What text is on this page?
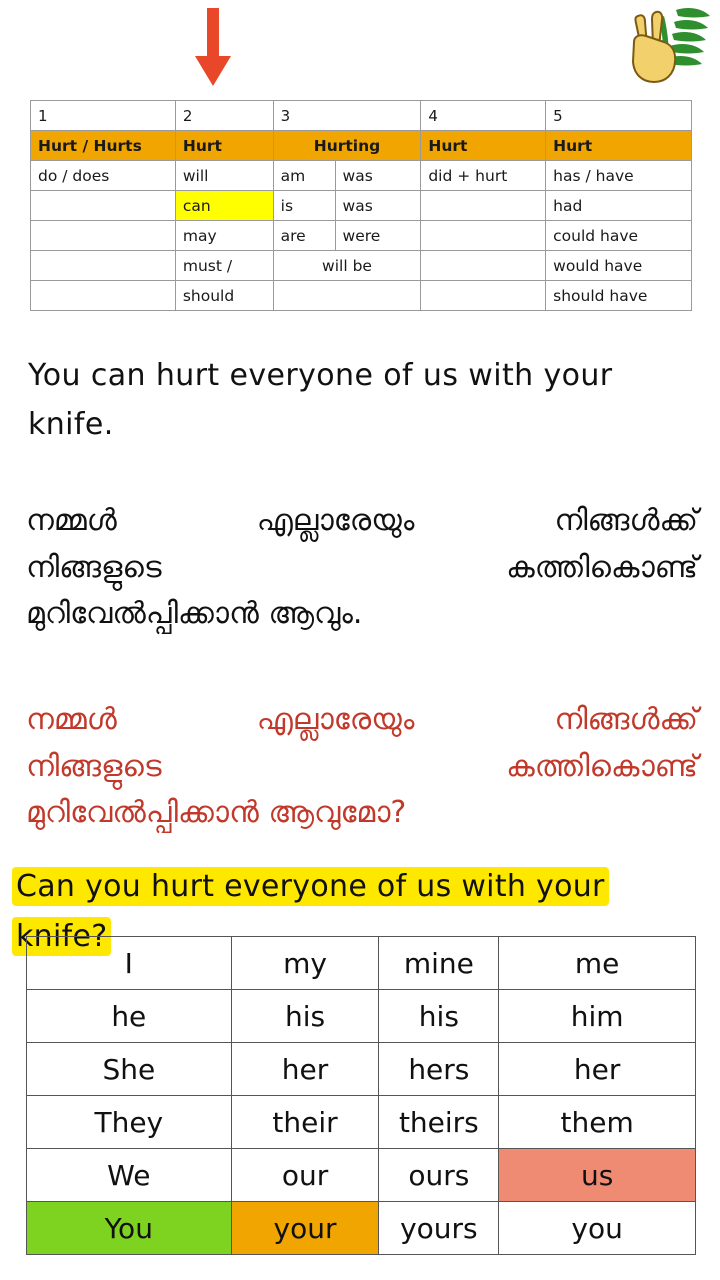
1	2	3		4	5
Hurt / Hurts	Hurt	Hurting		Hurt	Hurt
do / does	will	am	was	did + hurt	has / have
	can	is	was		had
	may	are	were		could have
	must /	will be			would have
	should				should have
You can hurt everyone of us with your knife.
നമ്മൾ	എല്ലാരേയും	നിങ്ങൾക്ക്
നിങ്ങളുടെ	കത്തികൊണ്ട്
മുറിവേൽപ്പിക്കാൻ ആവും.
നമ്മൾ	എല്ലാരേയും	നിങ്ങൾക്ക്
നിങ്ങളുടെ	കത്തികൊണ്ട്
മുറിവേൽപ്പിക്കാൻ ആവുമോ?
Can you hurt everyone of us with your knife?
I	my	mine	me
he	his	his	him
She	her	hers	her
They	their	theirs	them
We	our	ours	us
You	your	yours	you
